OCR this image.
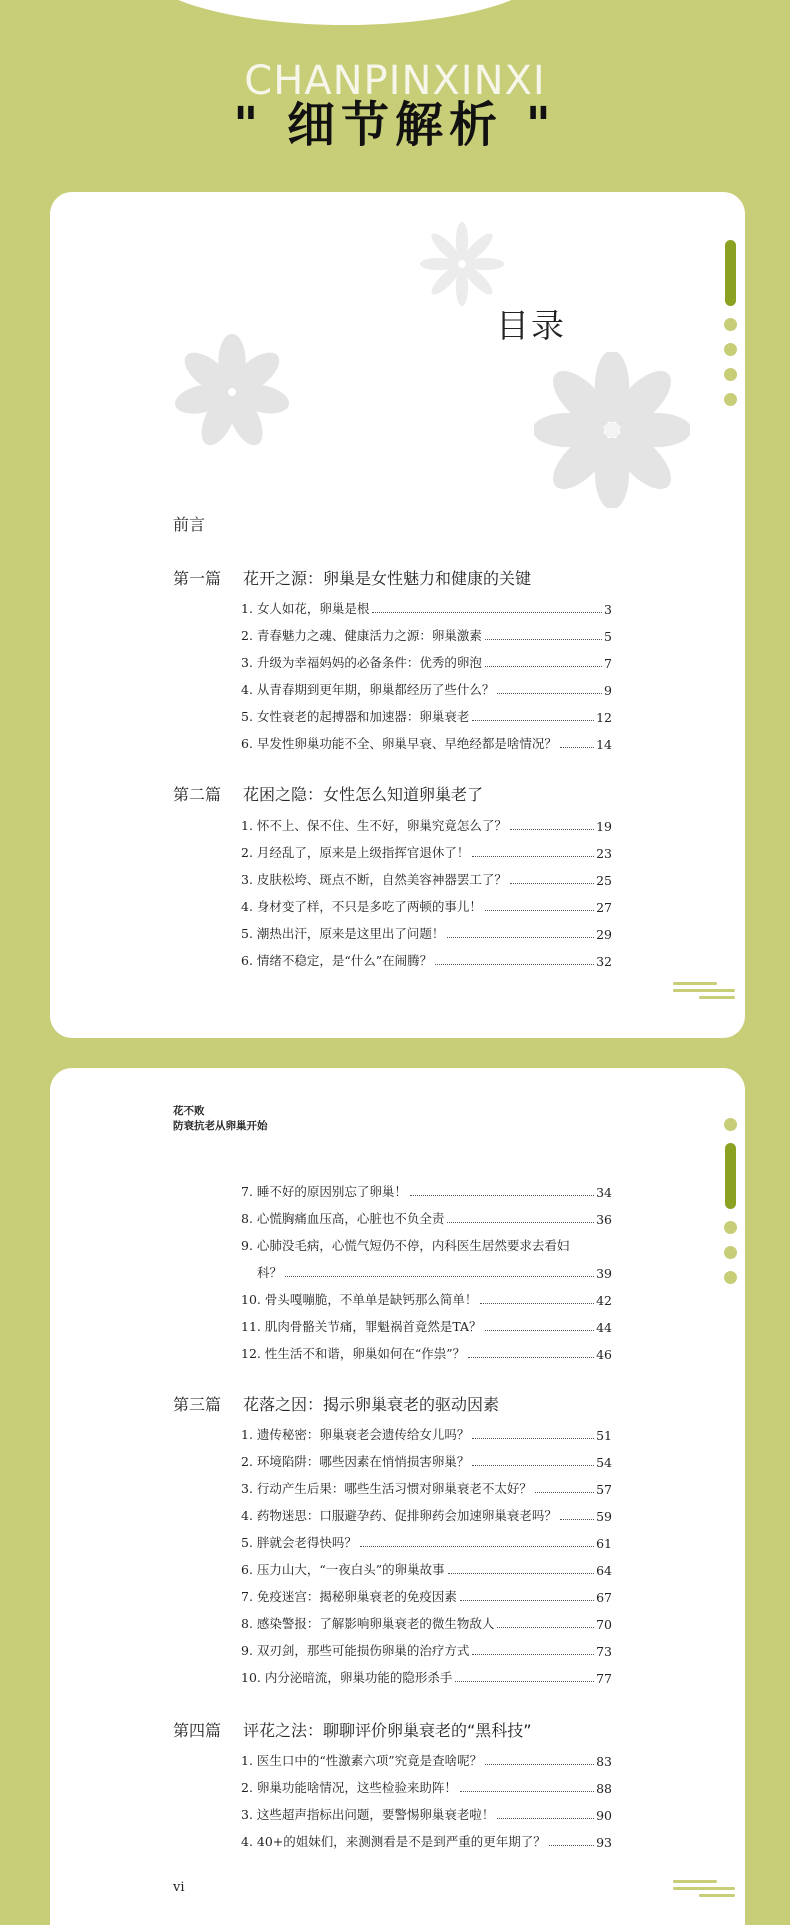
CHANPINXINXI
" 细节解析 "
目录
前言
第一篇 花开之源：卵巢是女性魅力和健康的关键
1. 女人如花，卵巢是根	3
2. 青春魅力之魂、健康活力之源：卵巢激素	5
3. 升级为幸福妈妈的必备条件：优秀的卵泡	7
4. 从青春期到更年期，卵巢都经历了些什么？	9
5. 女性衰老的起搏器和加速器：卵巢衰老	12
6. 早发性卵巢功能不全、卵巢早衰、早绝经都是啥情况？	14
第二篇 花困之隐：女性怎么知道卵巢老了
1. 怀不上、保不住、生不好，卵巢究竟怎么了？	19
2. 月经乱了，原来是上级指挥官退休了！	23
3. 皮肤松垮、斑点不断，自然美容神器罢工了？	25
4. 身材变了样，不只是多吃了两顿的事儿！	27
5. 潮热出汗，原来是这里出了问题！	29
6. 情绪不稳定，是“什么”在闹腾？	32
花不败
防衰抗老从卵巢开始
7. 睡不好的原因别忘了卵巢！	34
8. 心慌胸痛血压高，心脏也不负全责	36
9. 心肺没毛病，心慌气短仍不停，内科医生居然要求去看妇
科？	39
10. 骨头嘎嘣脆，不单单是缺钙那么简单！	42
11. 肌肉骨骼关节痛，罪魁祸首竟然是TA？	44
12. 性生活不和谐，卵巢如何在“作祟”？	46
第三篇 花落之因：揭示卵巢衰老的驱动因素
1. 遗传秘密：卵巢衰老会遗传给女儿吗？	51
2. 环境陷阱：哪些因素在悄悄损害卵巢？	54
3. 行动产生后果：哪些生活习惯对卵巢衰老不太好？	57
4. 药物迷思：口服避孕药、促排卵药会加速卵巢衰老吗？	59
5. 胖就会老得快吗？	61
6. 压力山大，“一夜白头”的卵巢故事	64
7. 免疫迷宫：揭秘卵巢衰老的免疫因素	67
8. 感染警报：了解影响卵巢衰老的微生物敌人	70
9. 双刃剑，那些可能损伤卵巢的治疗方式	73
10. 内分泌暗流，卵巢功能的隐形杀手	77
第四篇 评花之法：聊聊评价卵巢衰老的“黑科技”
1. 医生口中的“性激素六项”究竟是查啥呢？	83
2. 卵巢功能啥情况，这些检验来助阵！	88
3. 这些超声指标出问题，要警惕卵巢衰老啦！	90
4. 40+的姐妹们，来测测看是不是到严重的更年期了？	93
vi
